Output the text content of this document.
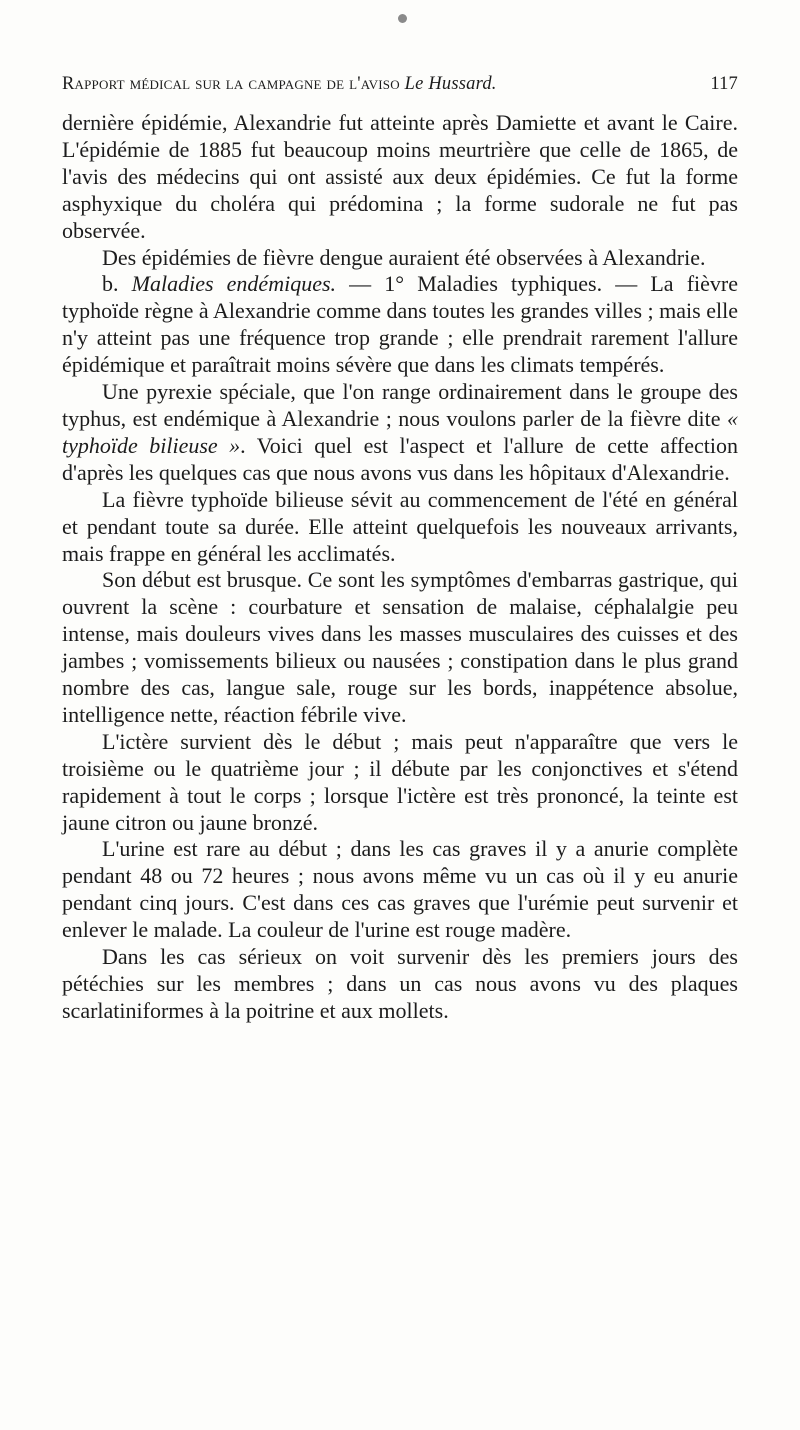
Rapport médical sur la campagne de l'aviso Le Hussard.	117

dernière épidémie, Alexandrie fut atteinte après Damiette et avant le Caire. L'épidémie de 1885 fut beaucoup moins meurtrière que celle de 1865, de l'avis des médecins qui ont assisté aux deux épidémies. Ce fut la forme asphyxique du choléra qui prédomina ; la forme sudorale ne fut pas observée.

Des épidémies de fièvre dengue auraient été observées à Alexandrie.

b. Maladies endémiques. — 1° Maladies typhiques. — La fièvre typhoïde règne à Alexandrie comme dans toutes les grandes villes ; mais elle n'y atteint pas une fréquence trop grande ; elle prendrait rarement l'allure épidémique et paraîtrait moins sévère que dans les climats tempérés.

Une pyrexie spéciale, que l'on range ordinairement dans le groupe des typhus, est endémique à Alexandrie ; nous voulons parler de la fièvre dite « typhoïde bilieuse ». Voici quel est l'aspect et l'allure de cette affection d'après les quelques cas que nous avons vus dans les hôpitaux d'Alexandrie.

La fièvre typhoïde bilieuse sévit au commencement de l'été en général et pendant toute sa durée. Elle atteint quelquefois les nouveaux arrivants, mais frappe en général les acclimatés.

Son début est brusque. Ce sont les symptômes d'embarras gastrique, qui ouvrent la scène : courbature et sensation de malaise, céphalalgie peu intense, mais douleurs vives dans les masses musculaires des cuisses et des jambes ; vomissements bilieux ou nausées ; constipation dans le plus grand nombre des cas, langue sale, rouge sur les bords, inappétence absolue, intelligence nette, réaction fébrile vive.

L'ictère survient dès le début ; mais peut n'apparaître que vers le troisième ou le quatrième jour ; il débute par les conjonctives et s'étend rapidement à tout le corps ; lorsque l'ictère est très prononcé, la teinte est jaune citron ou jaune bronzé.

L'urine est rare au début ; dans les cas graves il y a anurie complète pendant 48 ou 72 heures ; nous avons même vu un cas où il y eu anurie pendant cinq jours. C'est dans ces cas graves que l'urémie peut survenir et enlever le malade. La couleur de l'urine est rouge madère.

Dans les cas sérieux on voit survenir dès les premiers jours des pétéchies sur les membres ; dans un cas nous avons vu des plaques scarlatiniformes à la poitrine et aux mollets.
